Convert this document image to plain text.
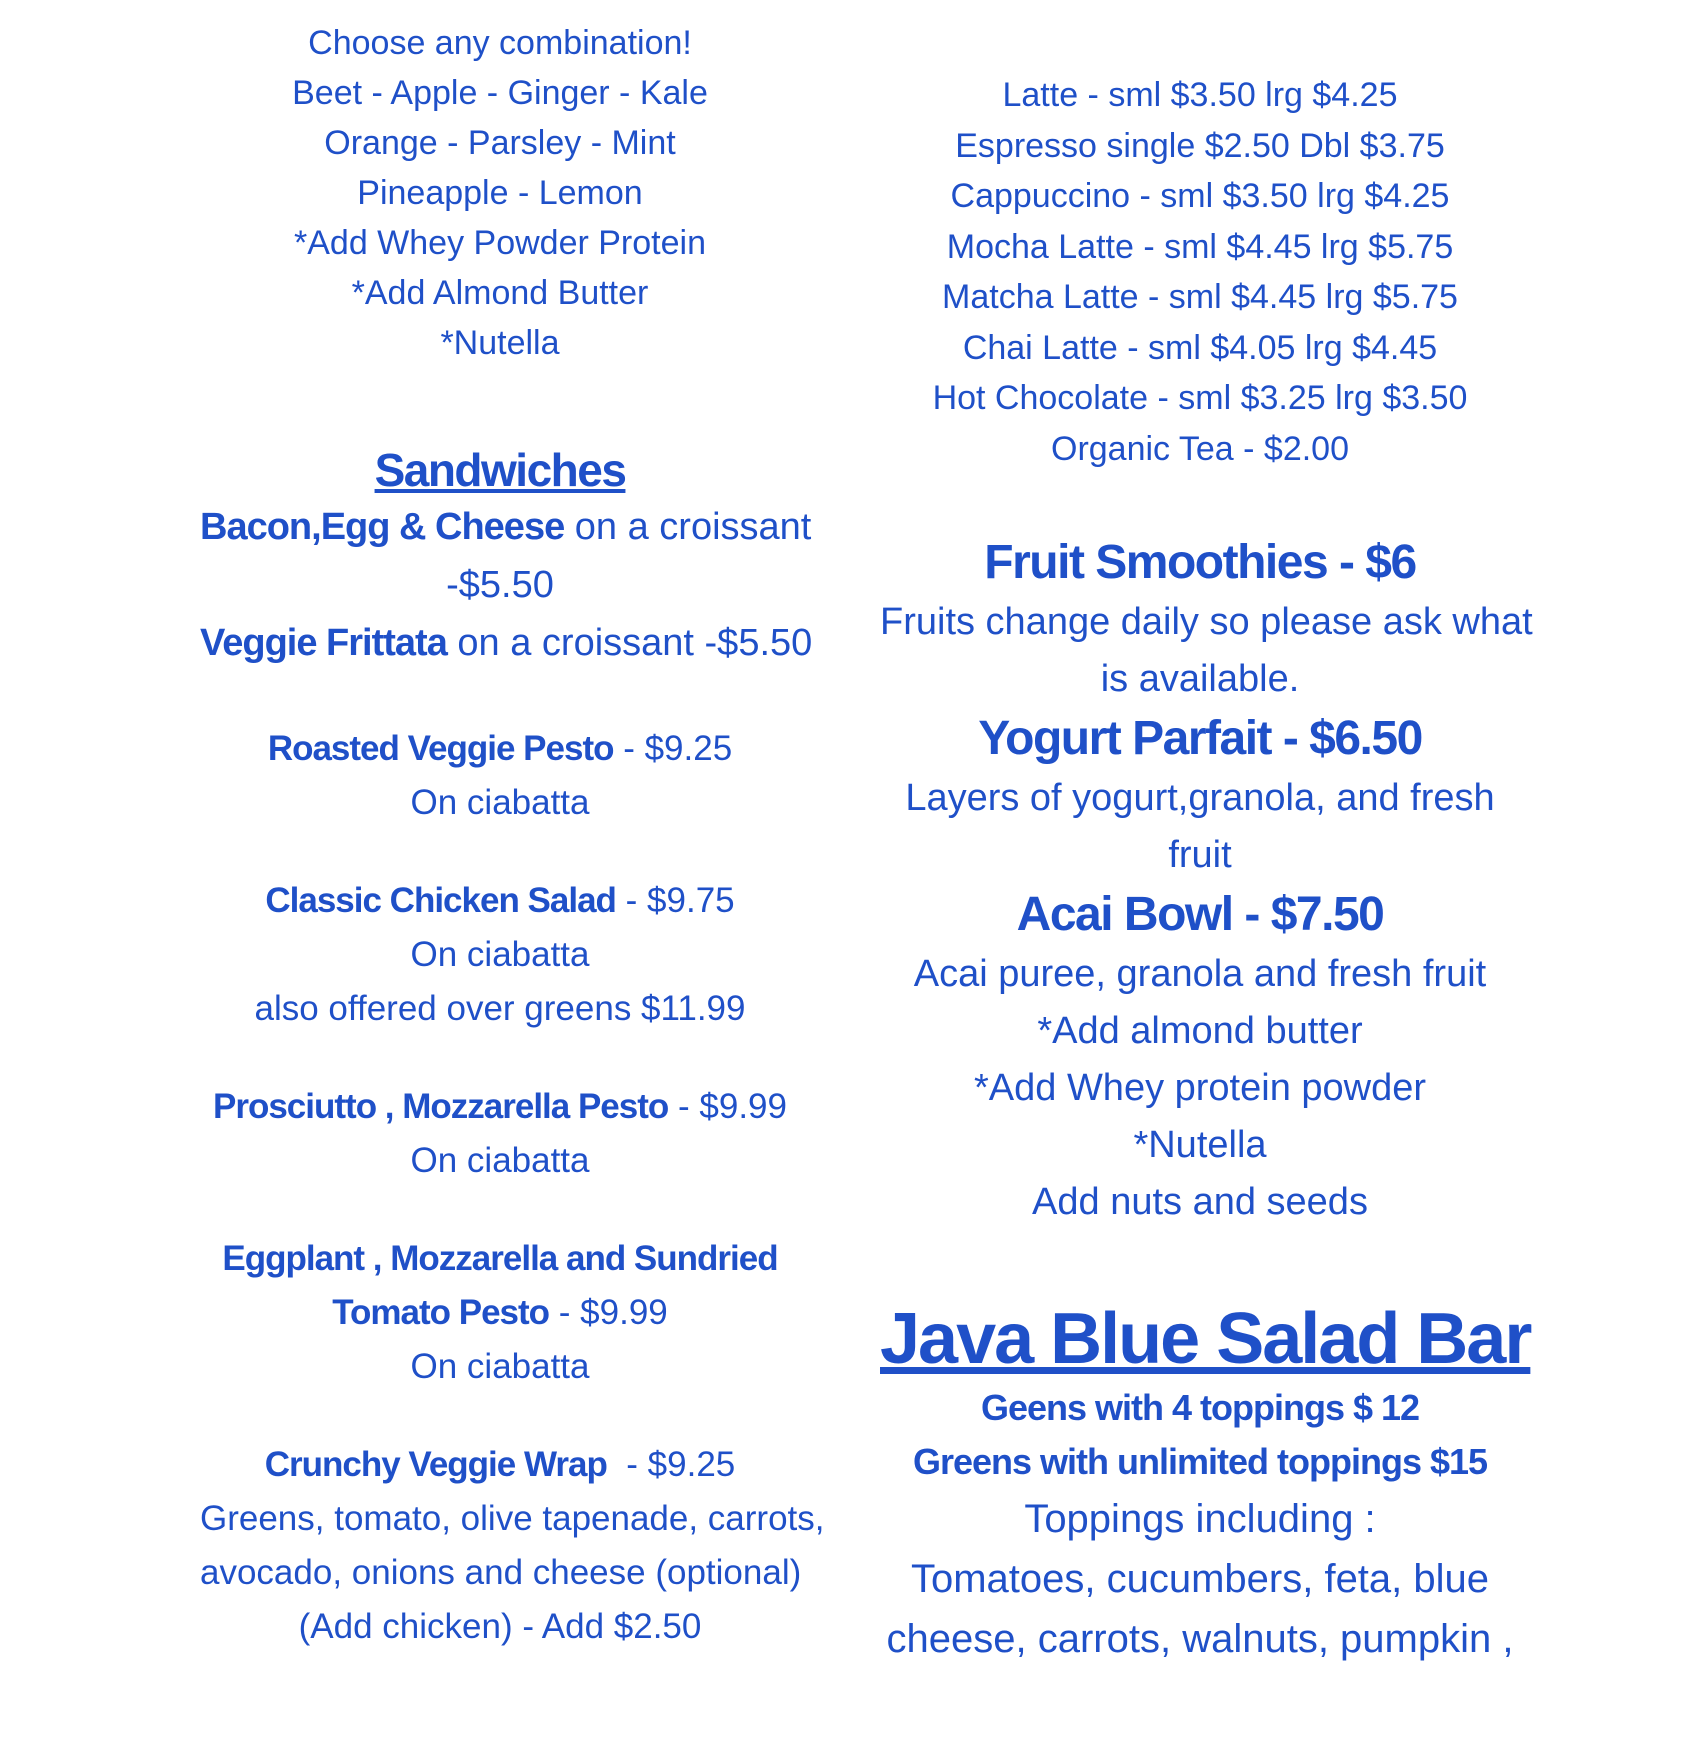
Choose any combination!
Beet - Apple - Ginger - Kale
Orange - Parsley - Mint
Pineapple - Lemon
*Add Whey Powder Protein
*Add Almond Butter
*Nutella
Sandwiches
Bacon,Egg & Cheese on a croissant
-$5.50
Veggie Frittata on a croissant -$5.50
Roasted Veggie Pesto - $9.25
On ciabatta
Classic Chicken Salad - $9.75
On ciabatta
also offered over greens $11.99
Prosciutto , Mozzarella Pesto - $9.99
On ciabatta
Eggplant , Mozzarella and Sundried
Tomato Pesto - $9.99
On ciabatta
Crunchy Veggie Wrap  - $9.25
Greens, tomato, olive tapenade, carrots,
avocado, onions and cheese (optional)
(Add chicken) - Add $2.50
Latte - sml $3.50 lrg $4.25
Espresso single $2.50 Dbl $3.75
Cappuccino - sml $3.50 lrg $4.25
Mocha Latte - sml $4.45 lrg $5.75
Matcha Latte - sml $4.45 lrg $5.75
Chai Latte - sml $4.05 lrg $4.45
Hot Chocolate - sml $3.25 lrg $3.50
Organic Tea - $2.00
Fruit Smoothies - $6
Fruits change daily so please ask what
is available.
Yogurt Parfait - $6.50
Layers of yogurt,granola, and fresh
fruit
Acai Bowl - $7.50
Acai puree, granola and fresh fruit
*Add almond butter
*Add Whey protein powder
*Nutella
Add nuts and seeds
Java Blue Salad Bar
Geens with 4 toppings $ 12
Greens with unlimited toppings $15
Toppings including :
Tomatoes, cucumbers, feta, blue
cheese, carrots, walnuts, pumpkin ,
